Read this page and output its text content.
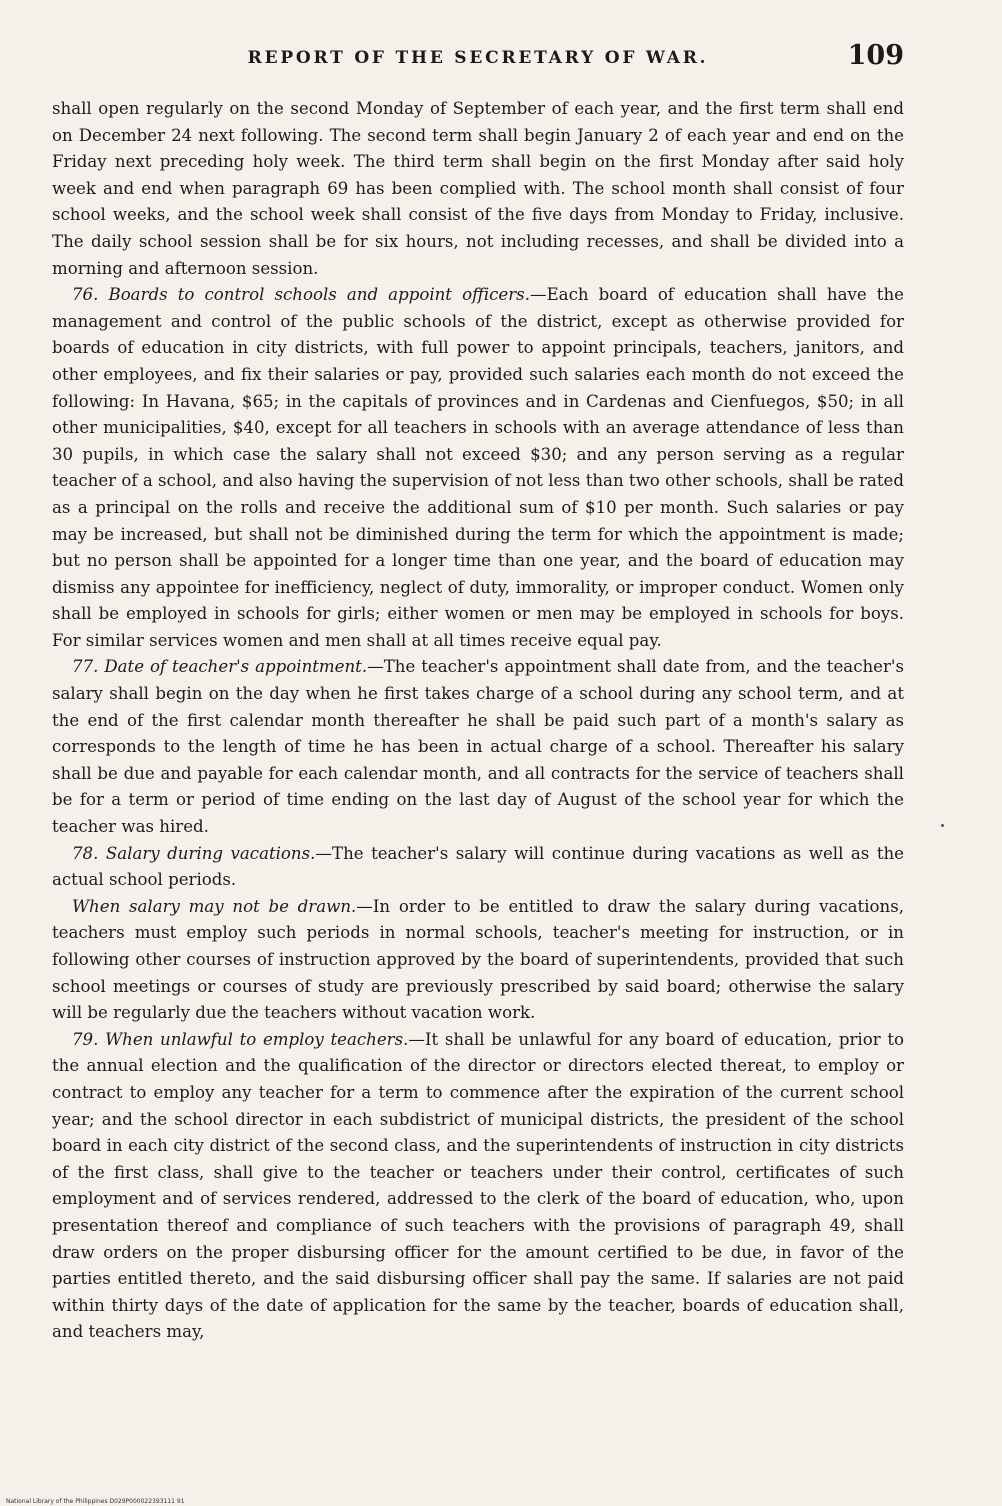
REPORT OF THE SECRETARY OF WAR.	109

shall open regularly on the second Monday of September of each year, and the first term shall end on December 24 next following. The second term shall begin January 2 of each year and end on the Friday next preceding holy week. The third term shall begin on the first Monday after said holy week and end when paragraph 69 has been complied with. The school month shall consist of four school weeks, and the school week shall consist of the five days from Monday to Friday, inclusive. The daily school session shall be for six hours, not including recesses, and shall be divided into a morning and afternoon session.

76. Boards to control schools and appoint officers.—Each board of education shall have the management and control of the public schools of the district, except as otherwise provided for boards of education in city districts, with full power to appoint principals, teachers, janitors, and other employees, and fix their salaries or pay, provided such salaries each month do not exceed the following: In Havana, $65; in the capitals of provinces and in Cardenas and Cienfuegos, $50; in all other municipalities, $40, except for all teachers in schools with an average attendance of less than 30 pupils, in which case the salary shall not exceed $30; and any person serving as a regular teacher of a school, and also having the supervision of not less than two other schools, shall be rated as a principal on the rolls and receive the additional sum of $10 per month. Such salaries or pay may be increased, but shall not be diminished during the term for which the appointment is made; but no person shall be appointed for a longer time than one year, and the board of education may dismiss any appointee for inefficiency, neglect of duty, immorality, or improper conduct. Women only shall be employed in schools for girls; either women or men may be employed in schools for boys. For similar services women and men shall at all times receive equal pay.

77. Date of teacher's appointment.—The teacher's appointment shall date from, and the teacher's salary shall begin on the day when he first takes charge of a school during any school term, and at the end of the first calendar month thereafter he shall be paid such part of a month's salary as corresponds to the length of time he has been in actual charge of a school. Thereafter his salary shall be due and payable for each calendar month, and all contracts for the service of teachers shall be for a term or period of time ending on the last day of August of the school year for which the teacher was hired.

78. Salary during vacations.—The teacher's salary will continue during vacations as well as the actual school periods.

When salary may not be drawn.—In order to be entitled to draw the salary during vacations, teachers must employ such periods in normal schools, teacher's meeting for instruction, or in following other courses of instruction approved by the board of superintendents, provided that such school meetings or courses of study are previously prescribed by said board; otherwise the salary will be regularly due the teachers without vacation work.

79. When unlawful to employ teachers.—It shall be unlawful for any board of education, prior to the annual election and the qualification of the director or directors elected thereat, to employ or contract to employ any teacher for a term to commence after the expiration of the current school year; and the school director in each subdistrict of municipal districts, the president of the school board in each city district of the second class, and the superintendents of instruction in city districts of the first class, shall give to the teacher or teachers under their control, certificates of such employment and of services rendered, addressed to the clerk of the board of education, who, upon presentation thereof and compliance of such teachers with the provisions of paragraph 49, shall draw orders on the proper disbursing officer for the amount certified to be due, in favor of the parties entitled thereto, and the said disbursing officer shall pay the same. If salaries are not paid within thirty days of the date of application for the same by the teacher, boards of education shall, and teachers may,

National Library of the Philippines D029P000022393111 91
